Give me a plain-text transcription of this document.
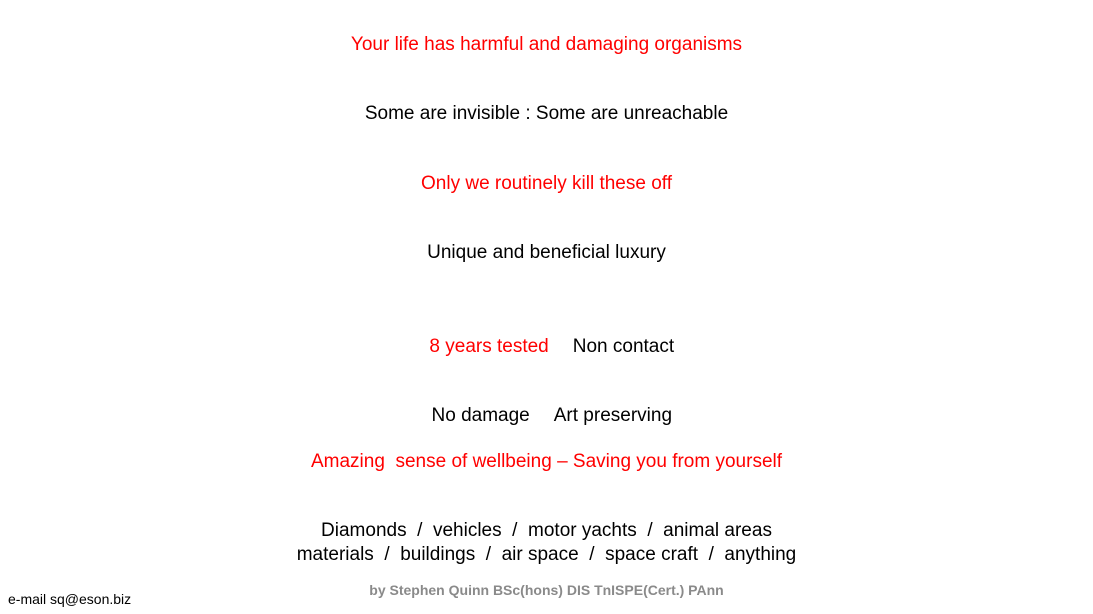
Your life has harmful and damaging organisms
Some are invisible : Some are unreachable
Only we routinely kill these off
Unique and beneficial luxury

8 years tested Non contact

No damage Art preserving

Amazing  sense of wellbeing – Saving you from yourself
Diamonds  /  vehicles  /  motor yachts  /  animal areas
materials  /  buildings  /  air space  /  space craft  /  anything
by Stephen Quinn BSc(hons) DIS TnISPE(Cert.) PAnn
e-mail sq@eson.biz
